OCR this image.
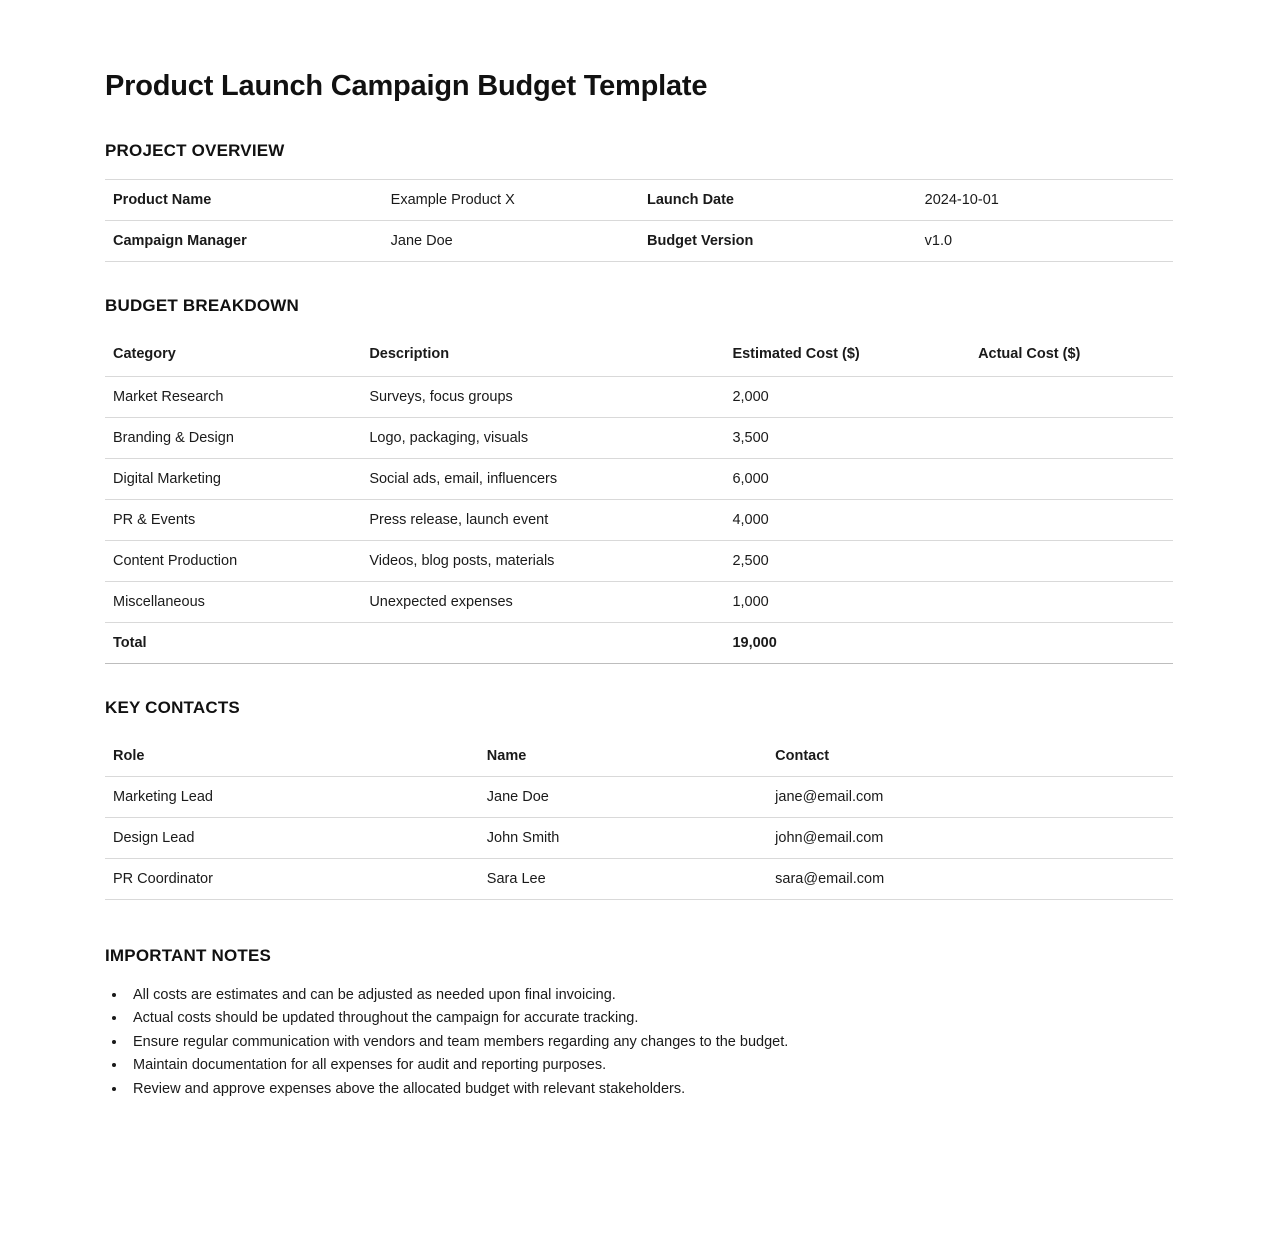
Product Launch Campaign Budget Template
PROJECT OVERVIEW
Product Name	Example Product X	Launch Date	2024-10-01
Campaign Manager	Jane Doe	Budget Version	v1.0
BUDGET BREAKDOWN
Category	Description	Estimated Cost ($)	Actual Cost ($)
Market Research	Surveys, focus groups	2,000	
Branding & Design	Logo, packaging, visuals	3,500	
Digital Marketing	Social ads, email, influencers	6,000	
PR & Events	Press release, launch event	4,000	
Content Production	Videos, blog posts, materials	2,500	
Miscellaneous	Unexpected expenses	1,000	
Total		19,000	
KEY CONTACTS
Role	Name	Contact
Marketing Lead	Jane Doe	jane@email.com
Design Lead	John Smith	john@email.com
PR Coordinator	Sara Lee	sara@email.com
IMPORTANT NOTES
• All costs are estimates and can be adjusted as needed upon final invoicing.
• Actual costs should be updated throughout the campaign for accurate tracking.
• Ensure regular communication with vendors and team members regarding any changes to the budget.
• Maintain documentation for all expenses for audit and reporting purposes.
• Review and approve expenses above the allocated budget with relevant stakeholders.
